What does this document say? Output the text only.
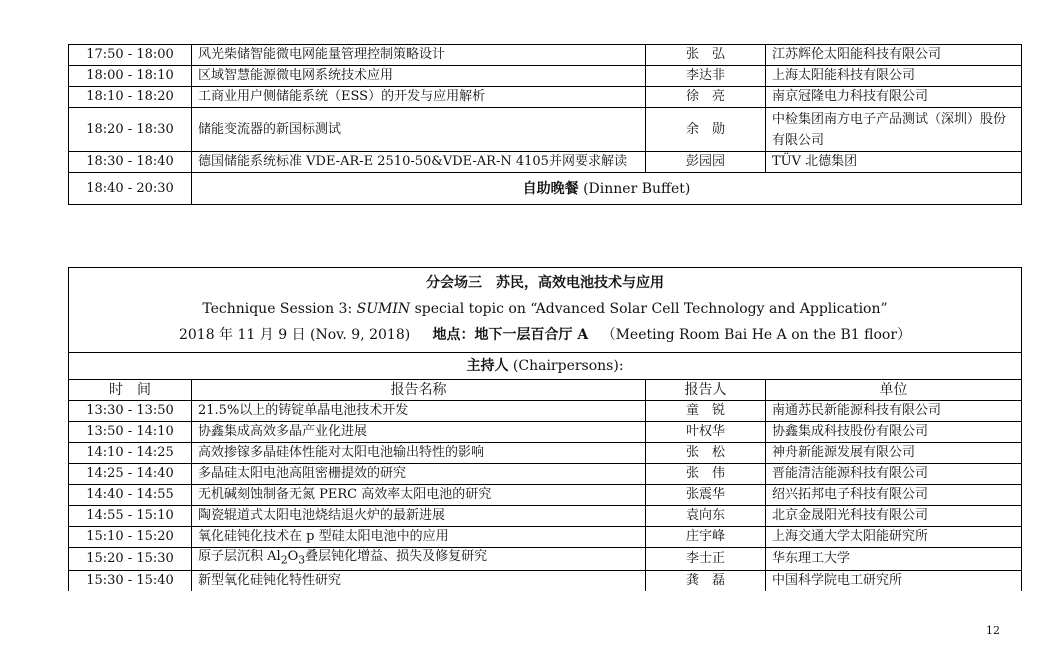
17:50 - 18:00	风光柴储智能微电网能量管理控制策略设计	张　弘	江苏辉伦太阳能科技有限公司
18:00 - 18:10	区域智慧能源微电网系统技术应用	李达非	上海太阳能科技有限公司
18:10 - 18:20	工商业用户侧储能系统（ESS）的开发与应用解析	徐　亮	南京冠隆电力科技有限公司
18:20 - 18:30	储能变流器的新国标测试	余　勋	中检集团南方电子产品测试（深圳）股份有限公司
18:30 - 18:40	德国储能系统标准 VDE-AR-E 2510-50&VDE-AR-N 4105并网要求解读	彭园园	TÜV 北德集团
18:40 - 20:30	自助晚餐 (Dinner Buffet)		
分会场三　苏民，高效电池技术与应用
Technique Session 3: SUMIN special topic on “Advanced Solar Cell Technology and Application”
2018 年 11 月 9 日 (Nov. 9, 2018) 地点：地下一层百合厅 A （Meeting Room Bai He A on the B1 floor）			

主持人 (Chairpersons):			
时　间	报告名称	报告人	单位
13:30 - 13:50	21.5%以上的铸锭单晶电池技术开发	童　锐	南通苏民新能源科技有限公司
13:50 - 14:10	协鑫集成高效多晶产业化进展	叶权华	协鑫集成科技股份有限公司
14:10 - 14:25	高效掺镓多晶硅体性能对太阳电池输出特性的影响	张　松	神舟新能源发展有限公司
14:25 - 14:40	多晶硅太阳电池高阻密栅提效的研究	张　伟	晋能清洁能源科技有限公司
14:40 - 14:55	无机碱刻蚀制备无氮 PERC 高效率太阳电池的研究	张震华	绍兴拓邦电子科技有限公司
14:55 - 15:10	陶瓷辊道式太阳电池烧结退火炉的最新进展	袁向东	北京金晟阳光科技有限公司
15:10 - 15:20	氧化硅钝化技术在 p 型硅太阳电池中的应用	庄宇峰	上海交通大学太阳能研究所
15:20 - 15:30	原子层沉积 $Al_2O_3$叠层钝化增益、损失及修复研究	李士正	华东理工大学
15:30 - 15:40	新型氧化硅钝化特性研究	龚　磊	中国科学院电工研究所
12
